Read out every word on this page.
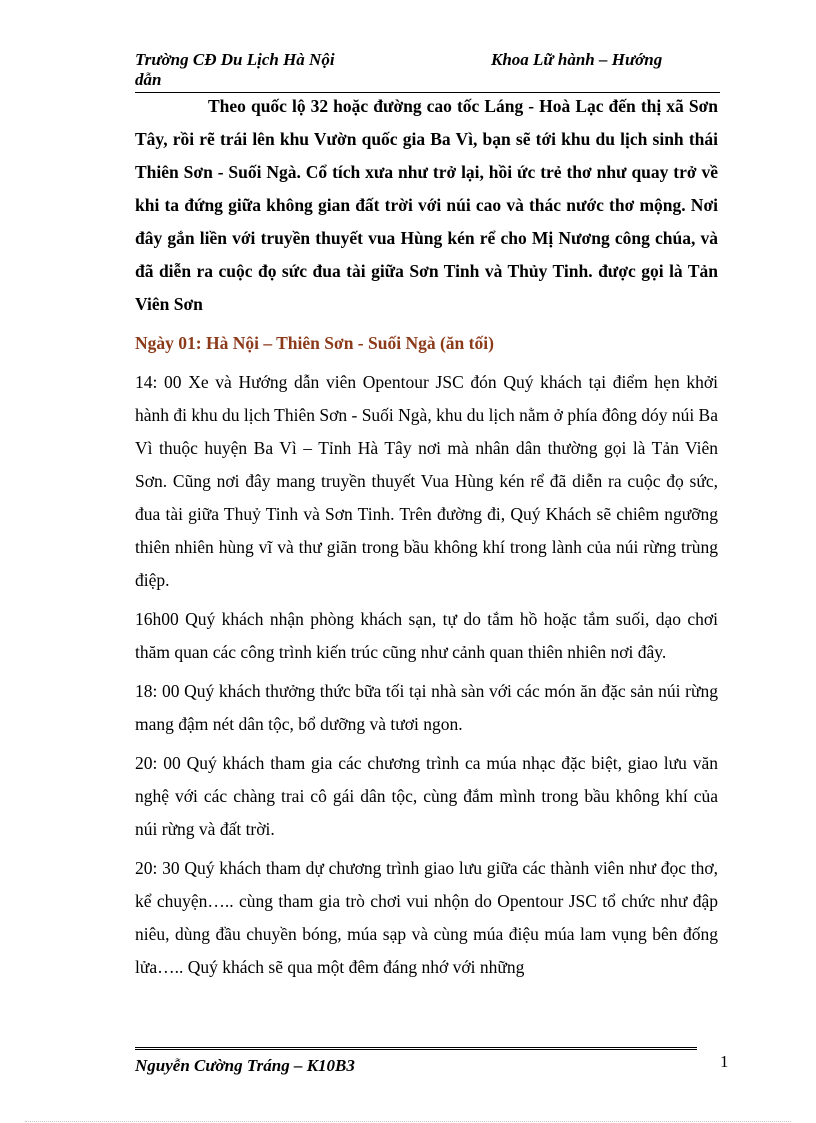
Trường CĐ Du Lịch Hà Nội
dẫn
Khoa Lữ hành – Hướng

Theo quốc lộ 32 hoặc đường cao tốc Láng - Hoà Lạc đến thị xã Sơn Tây, rồi rẽ trái lên khu Vườn quốc gia Ba Vì, bạn sẽ tới khu du lịch sinh thái Thiên Sơn - Suối Ngà. Cổ tích xưa như trở lại, hồi ức trẻ thơ như quay trở về khi ta đứng giữa không gian đất trời với núi cao và thác nước thơ mộng. Nơi đây gắn liền với truyền thuyết vua Hùng kén rể cho Mị Nương công chúa, và đã diễn ra cuộc đọ sức đua tài giữa Sơn Tinh và Thủy Tinh. được gọi là Tản Viên Sơn

Ngày 01: Hà Nội – Thiên Sơn - Suối Ngà (ăn tối)

14: 00 Xe và Hướng dẫn viên Opentour JSC đón Quý khách tại điểm hẹn khởi hành đi khu du lịch Thiên Sơn - Suối Ngà, khu du lịch nằm ở phía đông dóy núi Ba Vì thuộc huyện Ba Vì – Tỉnh Hà Tây nơi mà nhân dân thường gọi là Tản Viên Sơn. Cũng nơi đây mang truyền thuyết Vua Hùng kén rể đã diễn ra cuộc đọ sức, đua tài giữa Thuỷ Tinh và Sơn Tinh. Trên đường đi, Quý Khách sẽ chiêm ngưỡng thiên nhiên hùng vĩ và thư giãn trong bầu không khí trong lành của núi rừng trùng điệp.

16h00 Quý khách nhận phòng khách sạn, tự do tắm hồ hoặc tắm suối, dạo chơi thăm quan các công trình kiến trúc cũng như cảnh quan thiên nhiên nơi đây.

18: 00 Quý khách thưởng thức bữa tối tại nhà sàn với các món ăn đặc sản núi rừng mang đậm nét dân tộc, bổ dưỡng và tươi ngon.

20: 00 Quý khách tham gia các chương trình ca múa nhạc đặc biệt, giao lưu văn nghệ với các chàng trai cô gái dân tộc, cùng đắm mình trong bầu không khí của núi rừng và đất trời.

20: 30 Quý khách tham dự chương trình giao lưu giữa các thành viên như đọc thơ, kể chuyện….. cùng tham gia trò chơi vui nhộn do Opentour JSC tổ chức như đập niêu, dùng đầu chuyền bóng, múa sạp và cùng múa điệu múa lam vụng bên đống lửa….. Quý khách sẽ qua một đêm đáng nhớ với những

Nguyễn Cường Tráng – K10B3	1
